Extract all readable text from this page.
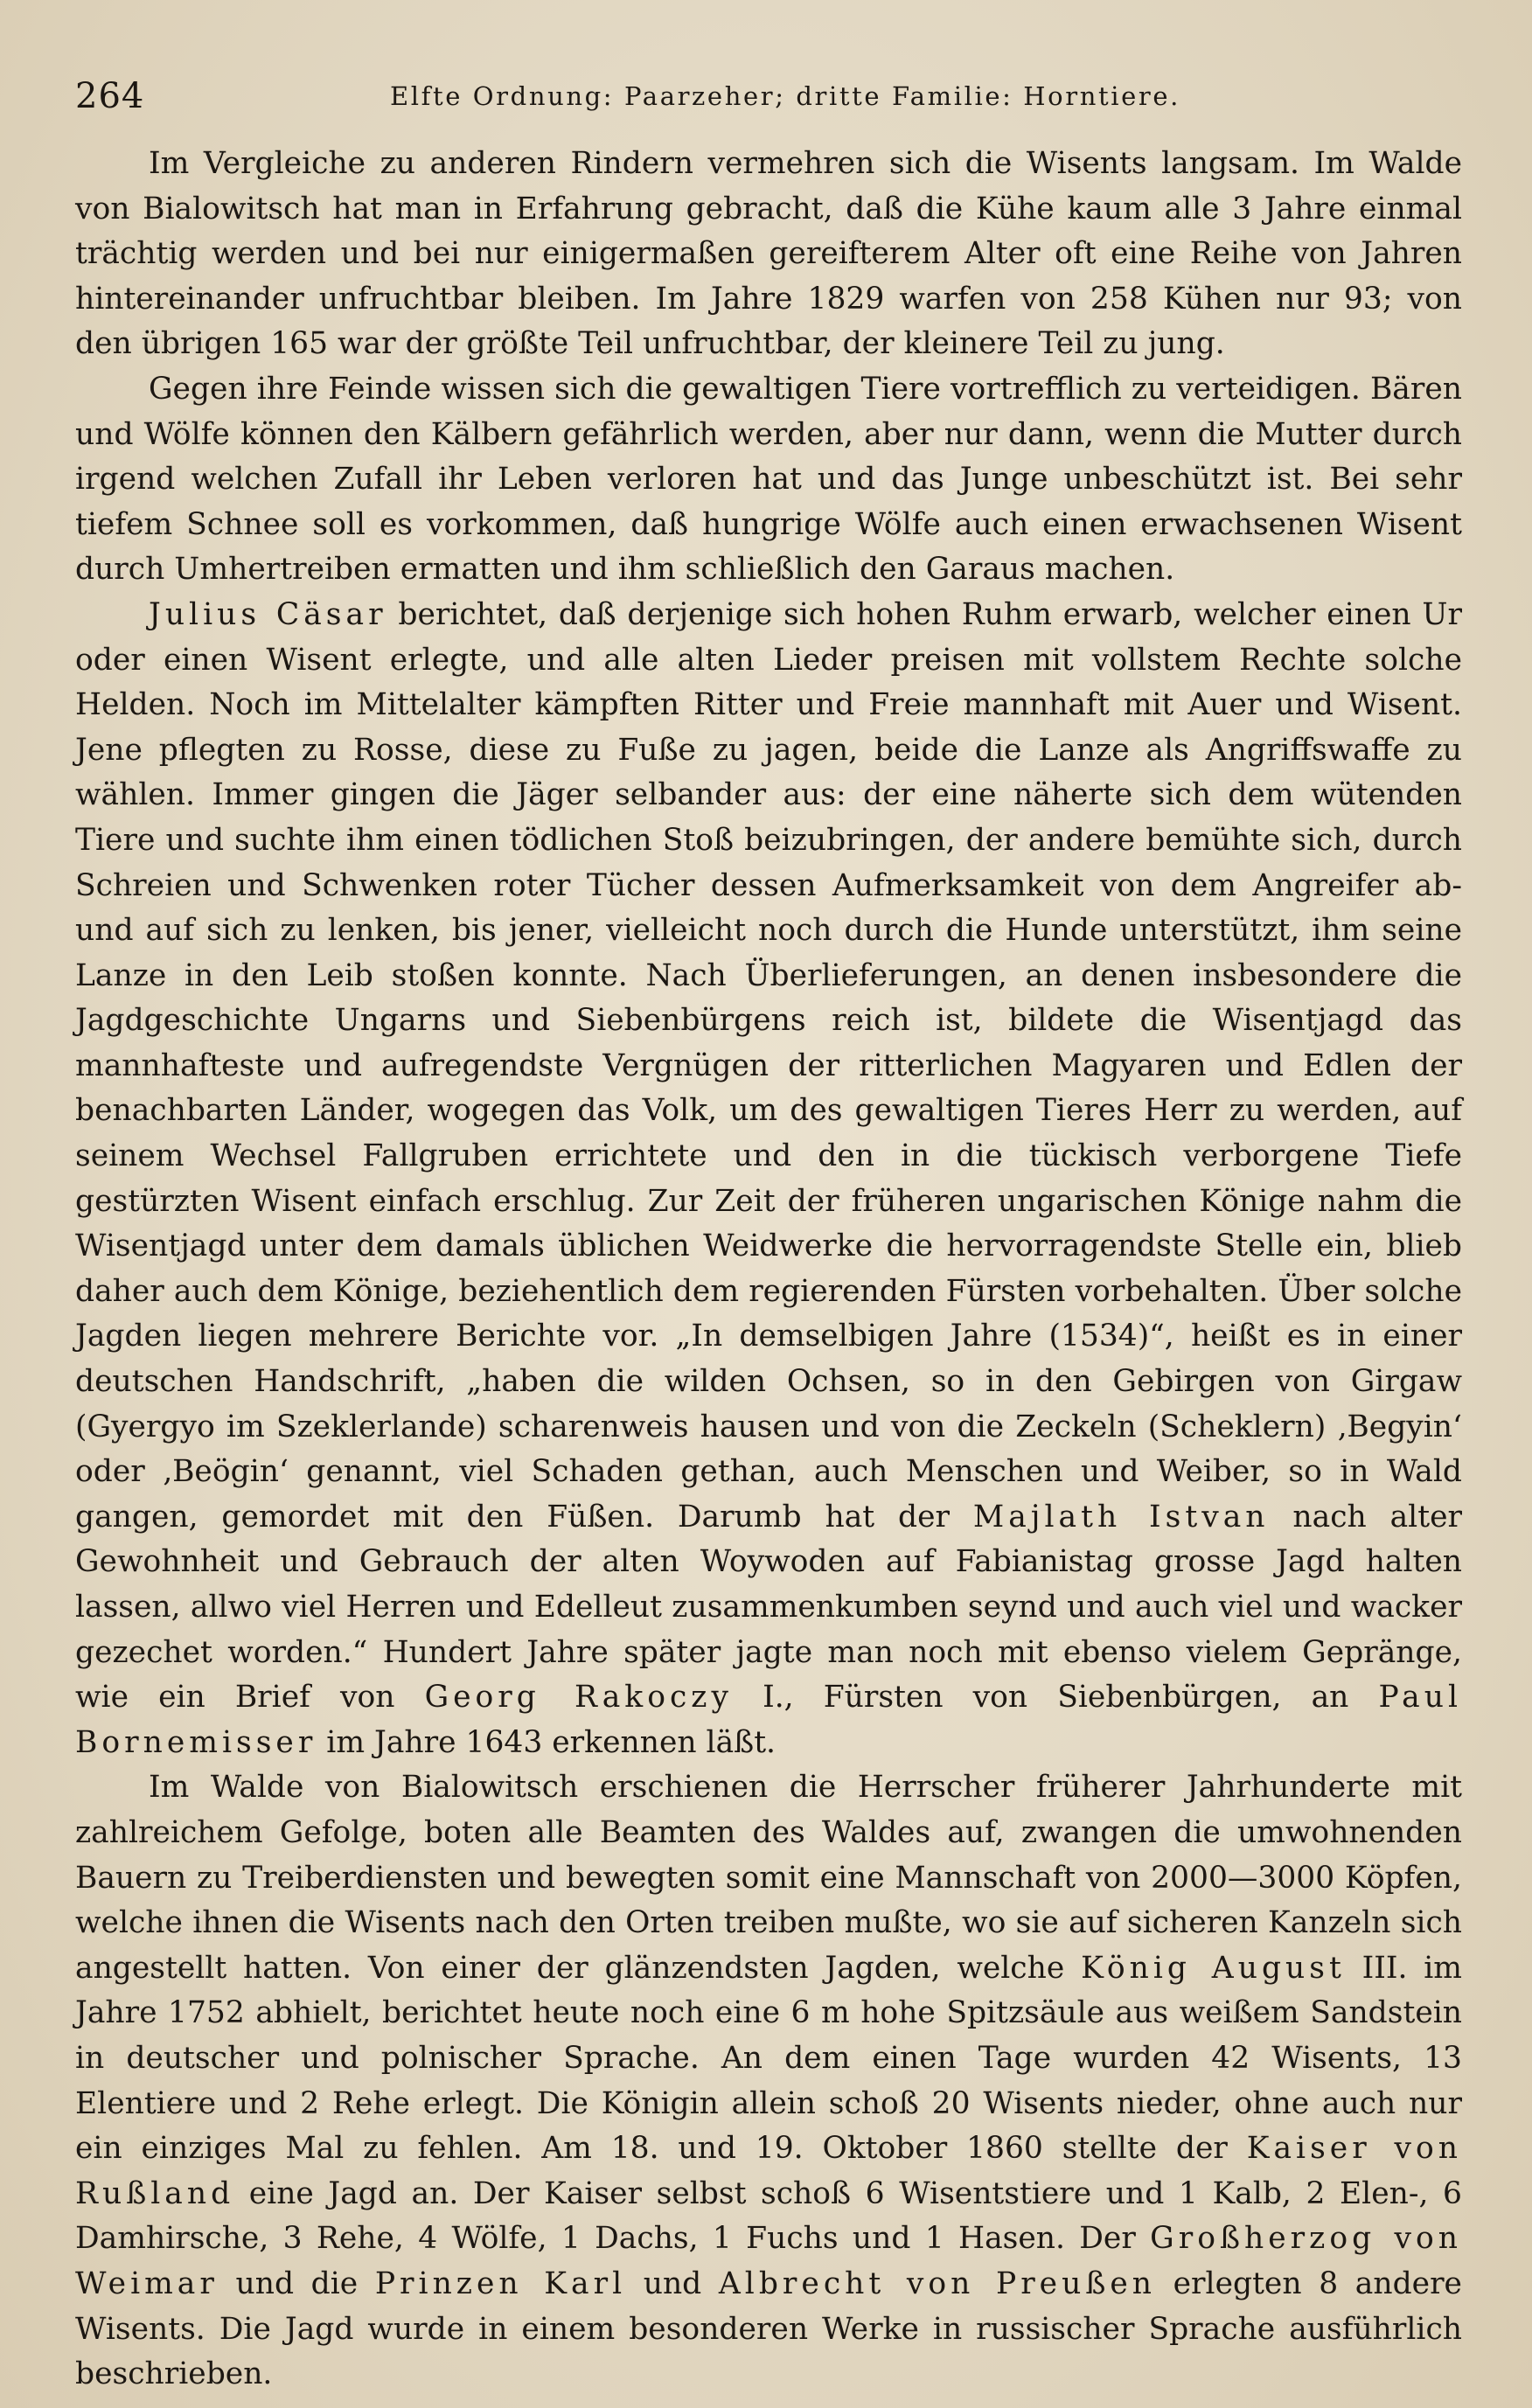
264	Elfte Ordnung: Paarzeher; dritte Familie: Horntiere.

Im Vergleiche zu anderen Rindern vermehren sich die Wisents langsam. Im Walde von Bialowitsch hat man in Erfahrung gebracht, daß die Kühe kaum alle 3 Jahre einmal trächtig werden und bei nur einigermaßen gereifterem Alter oft eine Reihe von Jahren hintereinander unfruchtbar bleiben. Im Jahre 1829 warfen von 258 Kühen nur 93; von den übrigen 165 war der größte Teil unfruchtbar, der kleinere Teil zu jung.

Gegen ihre Feinde wissen sich die gewaltigen Tiere vortrefflich zu verteidigen. Bären und Wölfe können den Kälbern gefährlich werden, aber nur dann, wenn die Mutter durch irgend welchen Zufall ihr Leben verloren hat und das Junge unbeschützt ist. Bei sehr tiefem Schnee soll es vorkommen, daß hungrige Wölfe auch einen erwachsenen Wisent durch Umhertreiben ermatten und ihm schließlich den Garaus machen.

Julius Cäsar berichtet, daß derjenige sich hohen Ruhm erwarb, welcher einen Ur oder einen Wisent erlegte, und alle alten Lieder preisen mit vollstem Rechte solche Helden. Noch im Mittelalter kämpften Ritter und Freie mannhaft mit Auer und Wisent. Jene pflegten zu Rosse, diese zu Fuße zu jagen, beide die Lanze als Angriffswaffe zu wählen. Immer gingen die Jäger selbander aus: der eine näherte sich dem wütenden Tiere und suchte ihm einen tödlichen Stoß beizubringen, der andere bemühte sich, durch Schreien und Schwenken roter Tücher dessen Aufmerksamkeit von dem Angreifer ab- und auf sich zu lenken, bis jener, vielleicht noch durch die Hunde unterstützt, ihm seine Lanze in den Leib stoßen konnte. Nach Überlieferungen, an denen insbesondere die Jagdgeschichte Ungarns und Siebenbürgens reich ist, bildete die Wisentjagd das mannhafteste und aufregendste Vergnügen der ritterlichen Magyaren und Edlen der benachbarten Länder, wogegen das Volk, um des gewaltigen Tieres Herr zu werden, auf seinem Wechsel Fallgruben errichtete und den in die tückisch verborgene Tiefe gestürzten Wisent einfach erschlug. Zur Zeit der früheren ungarischen Könige nahm die Wisentjagd unter dem damals üblichen Weidwerke die hervorragendste Stelle ein, blieb daher auch dem Könige, beziehentlich dem regierenden Fürsten vorbehalten. Über solche Jagden liegen mehrere Berichte vor. „In demselbigen Jahre (1534)“, heißt es in einer deutschen Handschrift, „haben die wilden Ochsen, so in den Gebirgen von Girgaw (Gyergyo im Szeklerlande) scharenweis hausen und von die Zeckeln (Scheklern) ‚Begyin‘ oder ‚Beögin‘ genannt, viel Schaden gethan, auch Menschen und Weiber, so in Wald gangen, gemordet mit den Füßen. Darumb hat der Majlath Istvan nach alter Gewohnheit und Gebrauch der alten Woywoden auf Fabianistag grosse Jagd halten lassen, allwo viel Herren und Edelleut zusammenkumben seynd und auch viel und wacker gezechet worden.“ Hundert Jahre später jagte man noch mit ebenso vielem Gepränge, wie ein Brief von Georg Rakoczy I., Fürsten von Siebenbürgen, an Paul Bornemisser im Jahre 1643 erkennen läßt.

Im Walde von Bialowitsch erschienen die Herrscher früherer Jahrhunderte mit zahlreichem Gefolge, boten alle Beamten des Waldes auf, zwangen die umwohnenden Bauern zu Treiberdiensten und bewegten somit eine Mannschaft von 2000—3000 Köpfen, welche ihnen die Wisents nach den Orten treiben mußte, wo sie auf sicheren Kanzeln sich angestellt hatten. Von einer der glänzendsten Jagden, welche König August III. im Jahre 1752 abhielt, berichtet heute noch eine 6 m hohe Spitzsäule aus weißem Sandstein in deutscher und polnischer Sprache. An dem einen Tage wurden 42 Wisents, 13 Elentiere und 2 Rehe erlegt. Die Königin allein schoß 20 Wisents nieder, ohne auch nur ein einziges Mal zu fehlen. Am 18. und 19. Oktober 1860 stellte der Kaiser von Rußland eine Jagd an. Der Kaiser selbst schoß 6 Wisentstiere und 1 Kalb, 2 Elen-, 6 Damhirsche, 3 Rehe, 4 Wölfe, 1 Dachs, 1 Fuchs und 1 Hasen. Der Großherzog von Weimar und die Prinzen Karl und Albrecht von Preußen erlegten 8 andere Wisents. Die Jagd wurde in einem besonderen Werke in russischer Sprache ausführlich beschrieben.
